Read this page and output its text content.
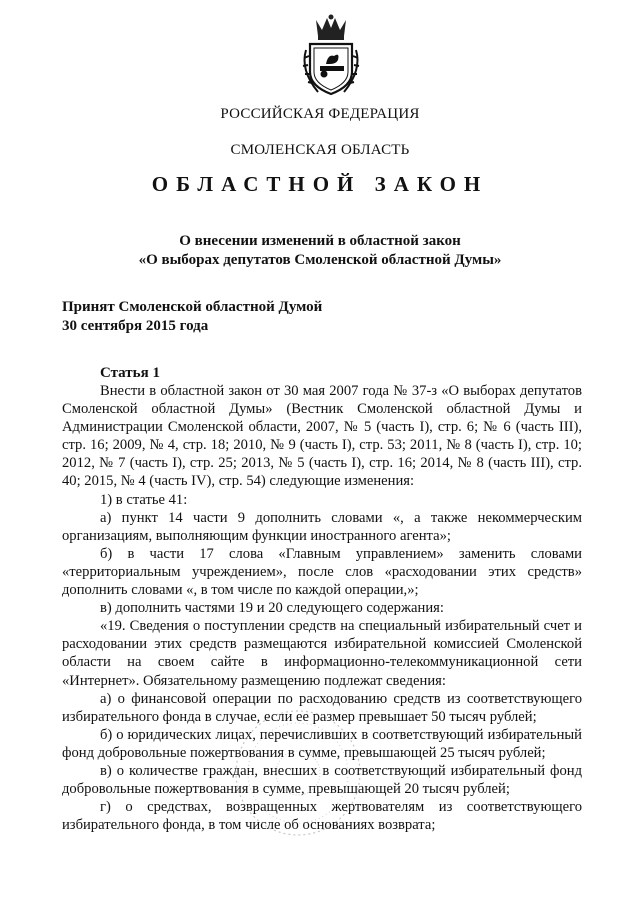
РОССИЙСКАЯ ФЕДЕРАЦИЯ
СМОЛЕНСКАЯ ОБЛАСТЬ
ОБЛАСТНОЙ ЗАКОН
О внесении изменений в областной закон
«О выборах депутатов Смоленской областной Думы»
Принят Смоленской областной Думой
30 сентября 2015 года
Статья 1

Внести в областной закон от 30 мая 2007 года № 37-з «О выборах депутатов Смоленской областной Думы» (Вестник Смоленской областной Думы и Администрации Смоленской области, 2007, № 5 (часть I), стр. 6; № 6 (часть III), стр. 16; 2009, № 4, стр. 18; 2010, № 9 (часть I), стр. 53; 2011, № 8 (часть I), стр. 10; 2012, № 7 (часть I), стр. 25; 2013, № 5 (часть I), стр. 16; 2014, № 8 (часть III), стр. 40; 2015, № 4 (часть IV), стр. 54) следующие изменения:

1) в статье 41:

а) пункт 14 части 9 дополнить словами «, а также некоммерческим организациям, выполняющим функции иностранного агента»;

б) в части 17 слова «Главным управлением» заменить словами «территориальным учреждением», после слов «расходовании этих средств» дополнить словами «, в том числе по каждой операции,»;

в) дополнить частями 19 и 20 следующего содержания:

«19. Сведения о поступлении средств на специальный избирательный счет и расходовании этих средств размещаются избирательной комиссией Смоленской области на своем сайте в информационно-телекоммуникационной сети «Интернет». Обязательному размещению подлежат сведения:

а) о финансовой операции по расходованию средств из соответствующего избирательного фонда в случае, если ее размер превышает 50 тысяч рублей;

б) о юридических лицах, перечисливших в соответствующий избирательный фонд добровольные пожертвования в сумме, превышающей 25 тысяч рублей;

в) о количестве граждан, внесших в соответствующий избирательный фонд добровольные пожертвования в сумме, превышающей 20 тысяч рублей;

г) о средствах, возвращенных жертвователям из соответствующего избирательного фонда, в том числе об основаниях возврата;
